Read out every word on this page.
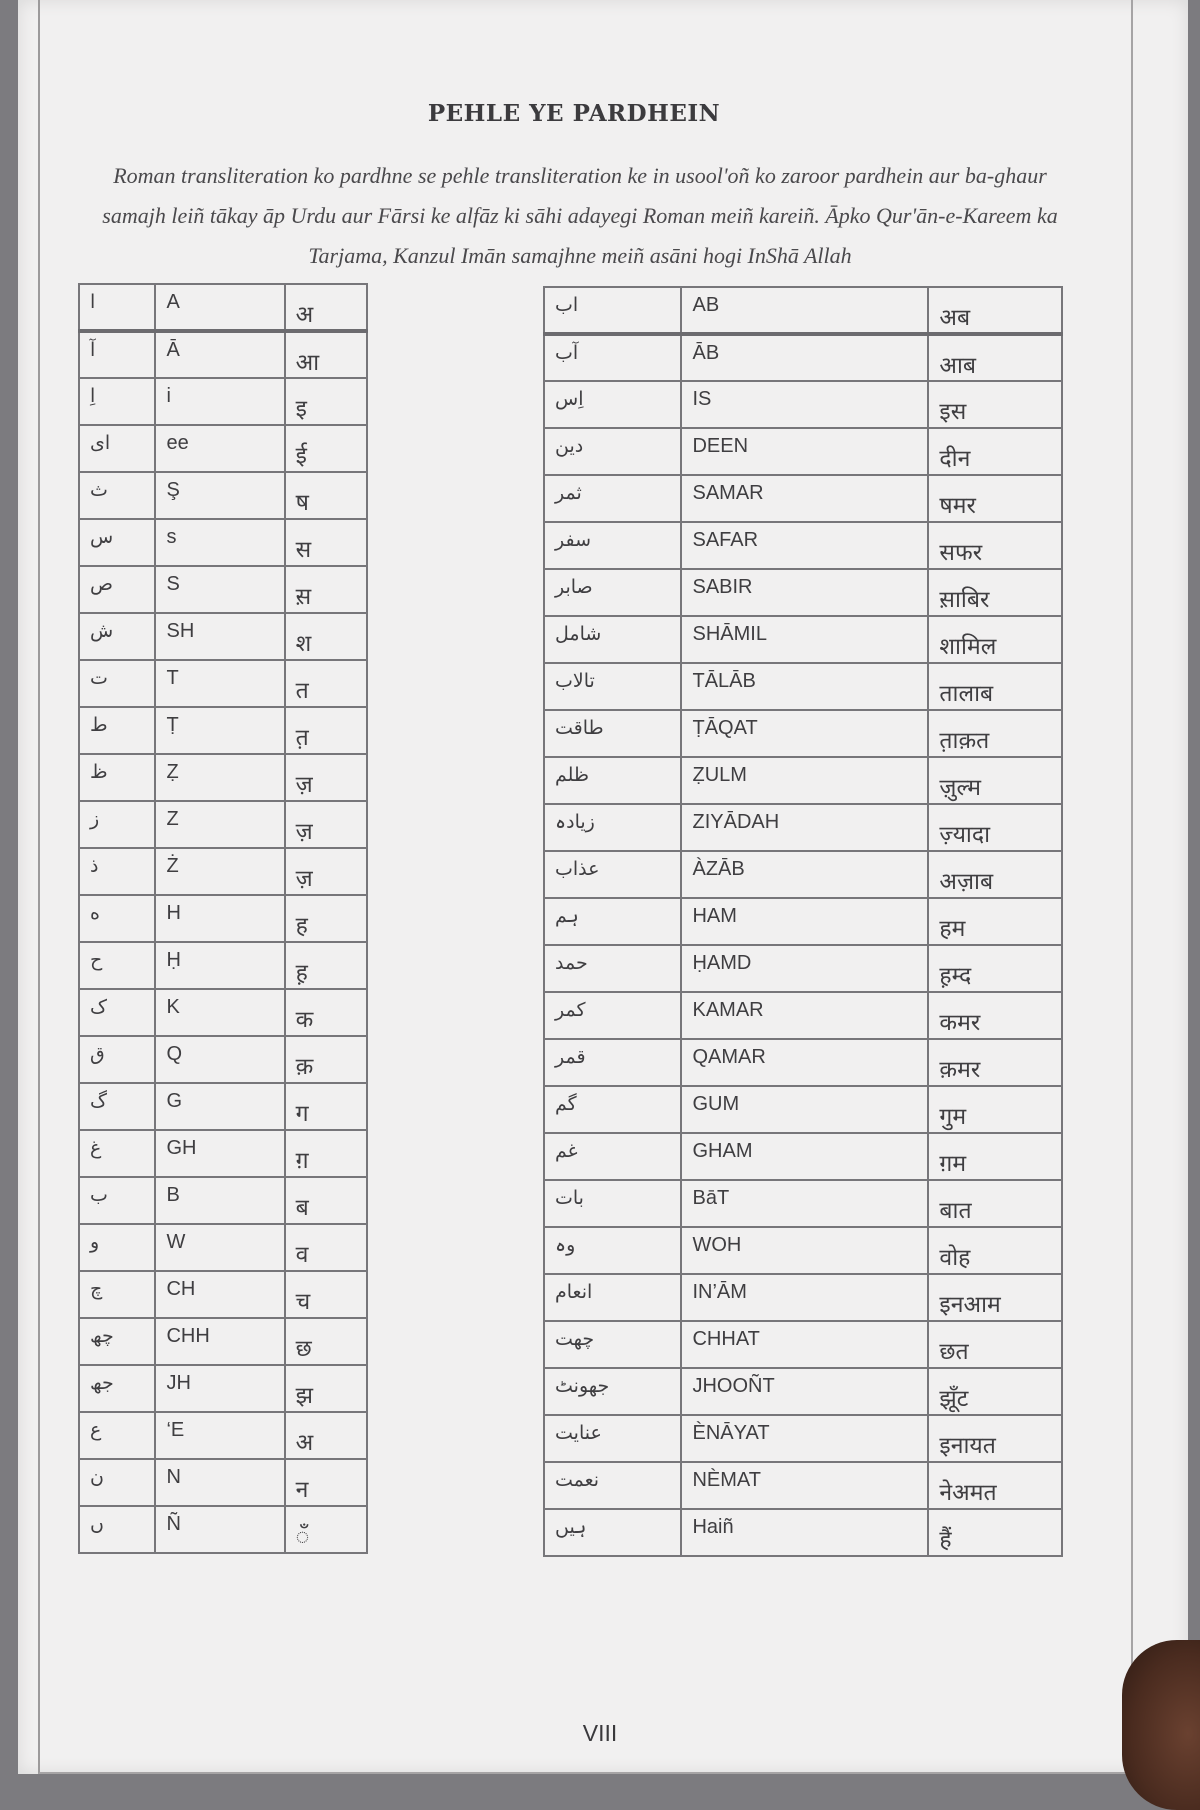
PEHLE YE PARDHEIN
Roman transliteration ko pardhne se pehle transliteration ke in usool'oñ ko zaroor pardhein aur ba-ghaur samajh leiñ tākay āp Urdu aur Fārsi ke alfāz ki sāhi adayegi Roman meiñ kareiñ. Āpko Qur'ān-e-Kareem ka Tarjama, Kanzul Imān samajhne meiñ asāni hogi InShā Allah
ا	A	अ
آ	Ā	आ
اِ	i	इ
ای	ee	ई
ث	Ş	ष
س	s	स
ص	S	स़
ش	SH	श
ت	T	त
ط	Ṭ	त़
ظ	Ẓ	ज़
ز	Z	ज़
ذ	Ż	ज़
ه	H	ह
ح	Ḥ	ह़
ک	K	क
ق	Q	क़
گ	G	ग
غ	GH	ग़
ب	B	ब
و	W	व
چ	CH	च
چھ	CHH	छ
جھ	JH	झ
ع	‘E	अ
ن	N	न
ں	Ñ	ँ
اب	AB	अब
آب	ĀB	आब
اِس	IS	इस
دین	DEEN	दीन
ثمر	SAMAR	षमर
سفر	SAFAR	सफर
صابر	SABIR	स़ाबिर
شامل	SHĀMIL	शामिल
تالاب	TĀLĀB	तालाब
طاقت	ṬĀQAT	त़ाक़त
ظلم	ẒULM	ज़ुल्म
زیادہ	ZIYĀDAH	ज़्यादा
عذاب	ÀZĀB	अज़ाब
ہم	HAM	हम
حمد	ḤAMD	ह़म्द
کمر	KAMAR	कमर
قمر	QAMAR	क़मर
گم	GUM	गुम
غم	GHAM	ग़म
بات	BāT	बात
وہ	WOH	वोह
انعام	IN’ĀM	इनआम
چھت	CHHAT	छत
جھونٹ	JHOOÑT	झूँट
عنایت	ÈNĀYAT	इनायत
نعمت	NÈMAT	नेअमत
ہیں	Haiñ	हैं
VIII
